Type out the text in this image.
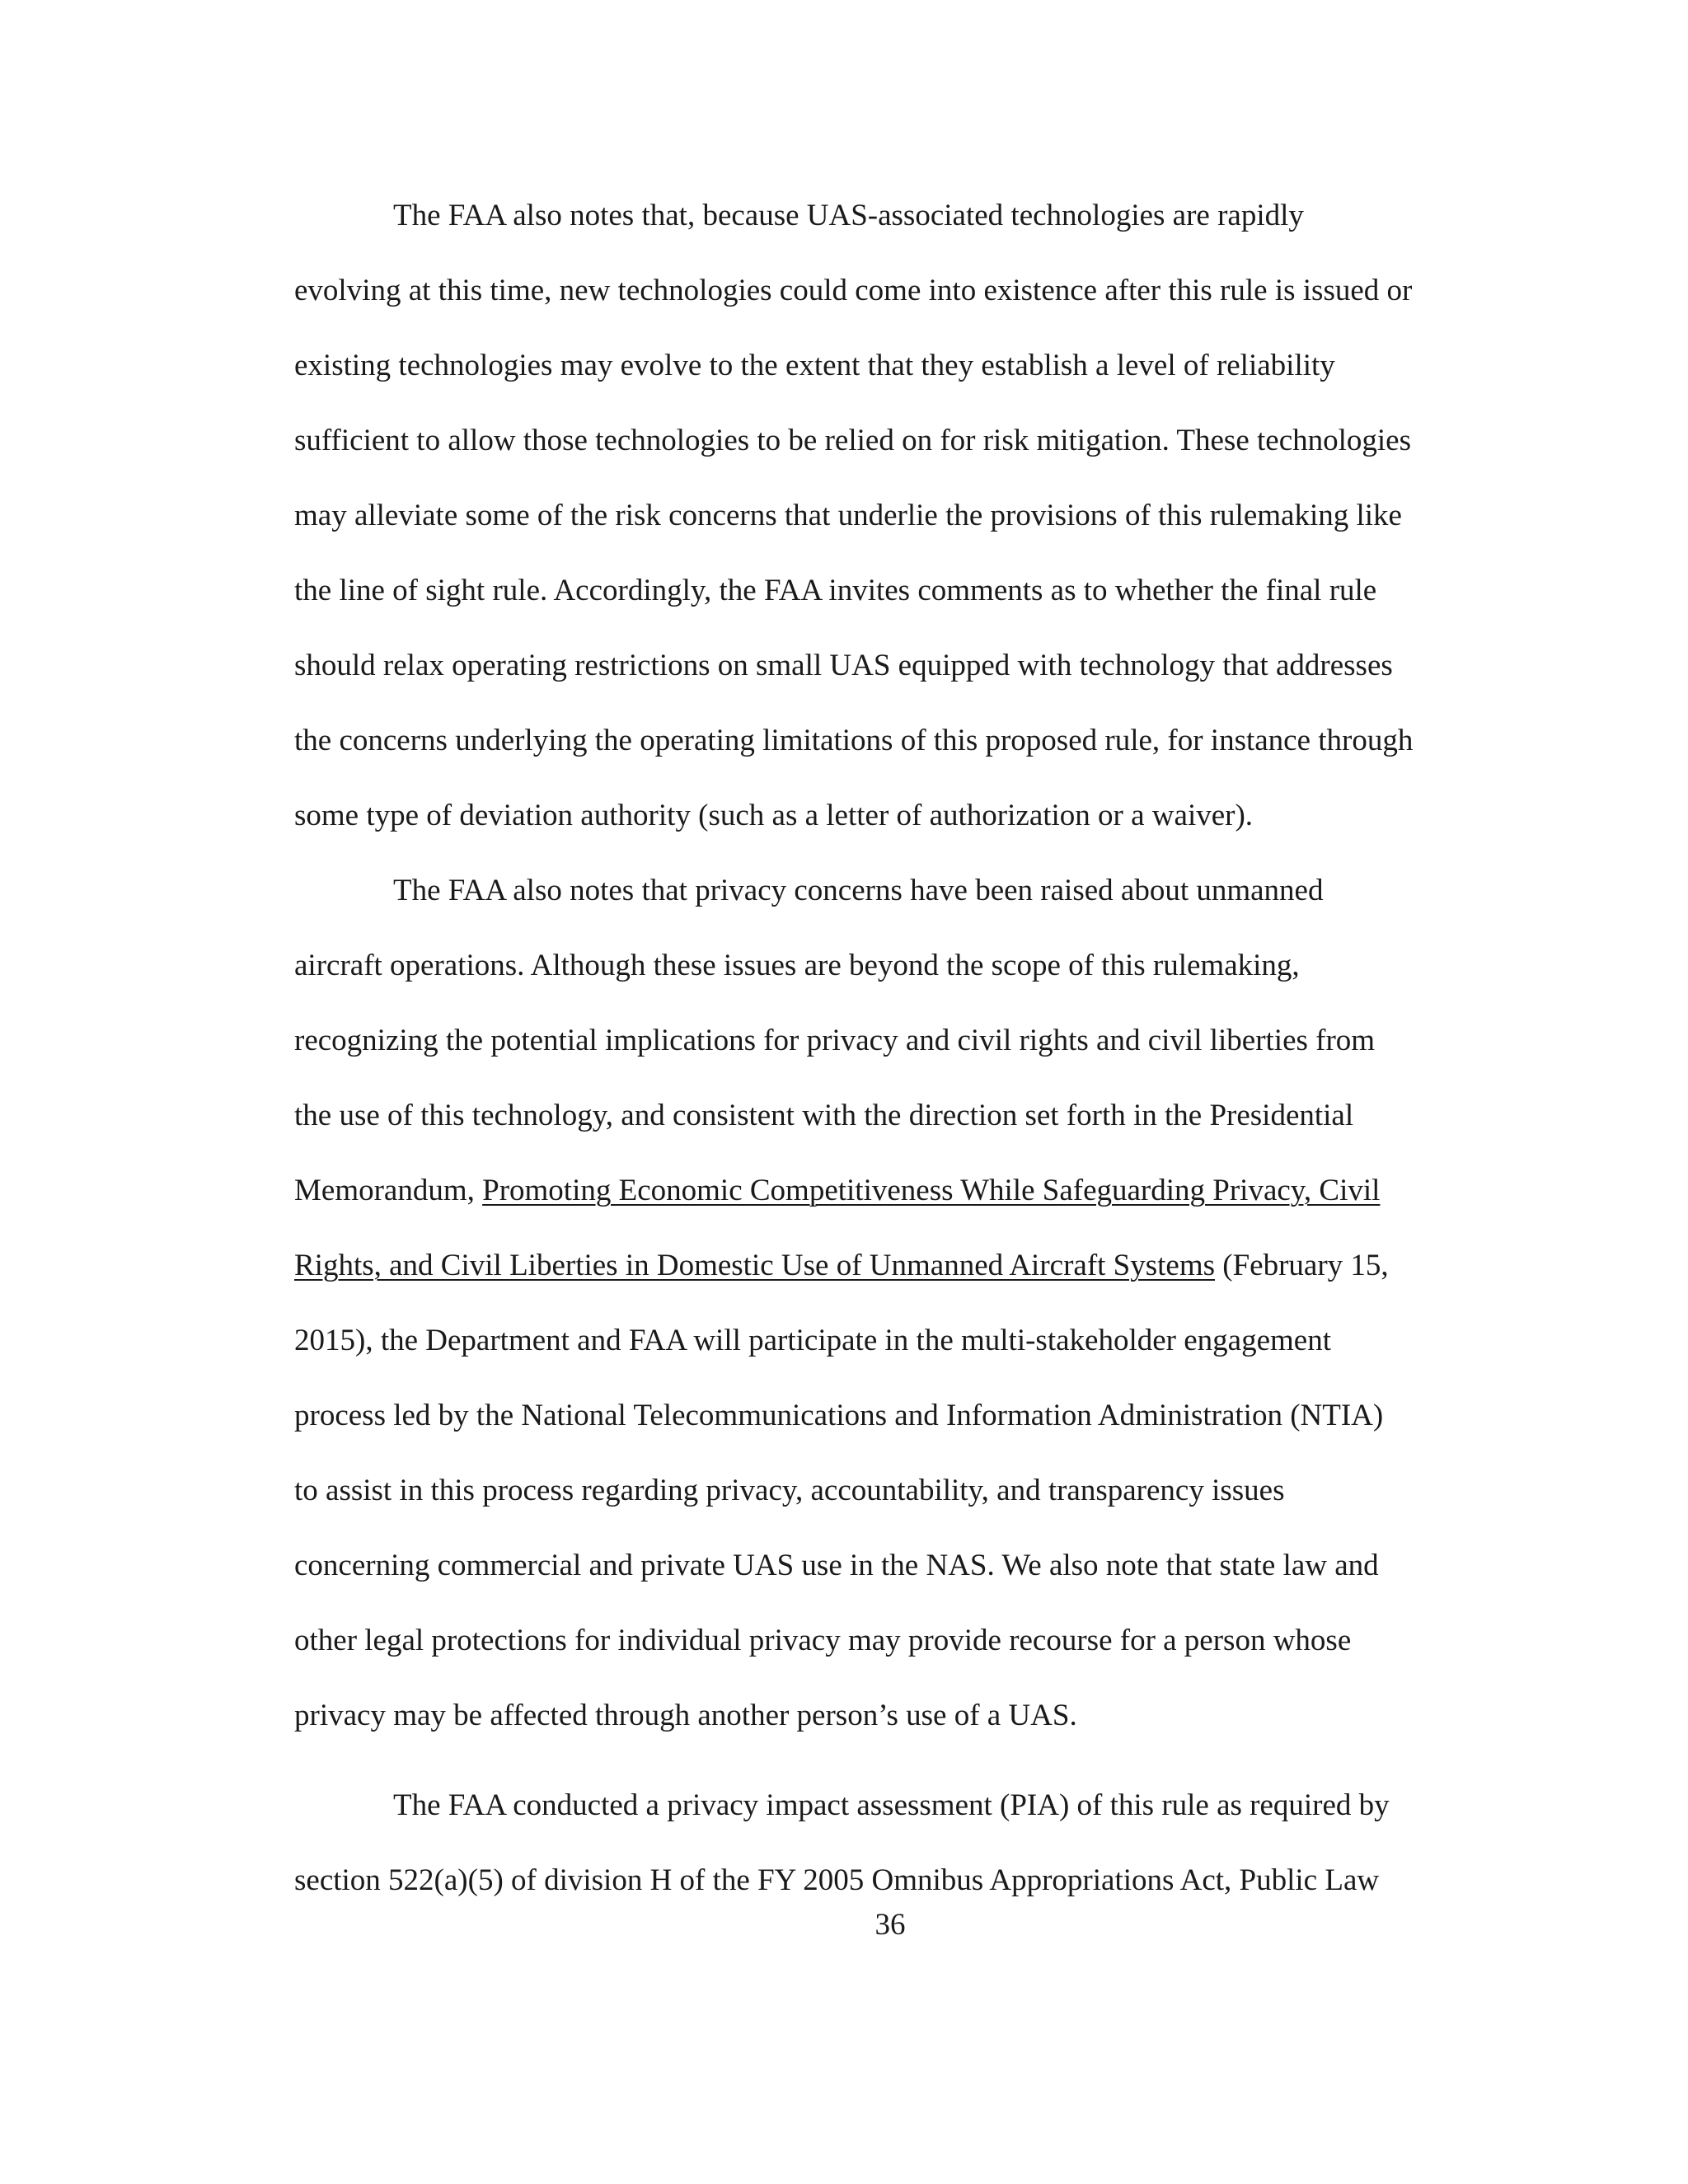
The FAA also notes that, because UAS-associated technologies are rapidly

evolving at this time, new technologies could come into existence after this rule is issued or

existing technologies may evolve to the extent that they establish a level of reliability

sufficient to allow those technologies to be relied on for risk mitigation. These technologies

may alleviate some of the risk concerns that underlie the provisions of this rulemaking like

the line of sight rule. Accordingly, the FAA invites comments as to whether the final rule

should relax operating restrictions on small UAS equipped with technology that addresses

the concerns underlying the operating limitations of this proposed rule, for instance through

some type of deviation authority (such as a letter of authorization or a waiver).

The FAA also notes that privacy concerns have been raised about unmanned

aircraft operations. Although these issues are beyond the scope of this rulemaking,

recognizing the potential implications for privacy and civil rights and civil liberties from

the use of this technology, and consistent with the direction set forth in the Presidential

Memorandum, Promoting Economic Competitiveness While Safeguarding Privacy, Civil

Rights, and Civil Liberties in Domestic Use of Unmanned Aircraft Systems (February 15,

2015), the Department and FAA will participate in the multi-stakeholder engagement

process led by the National Telecommunications and Information Administration (NTIA)

to assist in this process regarding privacy, accountability, and transparency issues

concerning commercial and private UAS use in the NAS. We also note that state law and

other legal protections for individual privacy may provide recourse for a person whose

privacy may be affected through another person’s use of a UAS.

The FAA conducted a privacy impact assessment (PIA) of this rule as required by

section 522(a)(5) of division H of the FY 2005 Omnibus Appropriations Act, Public Law

36
